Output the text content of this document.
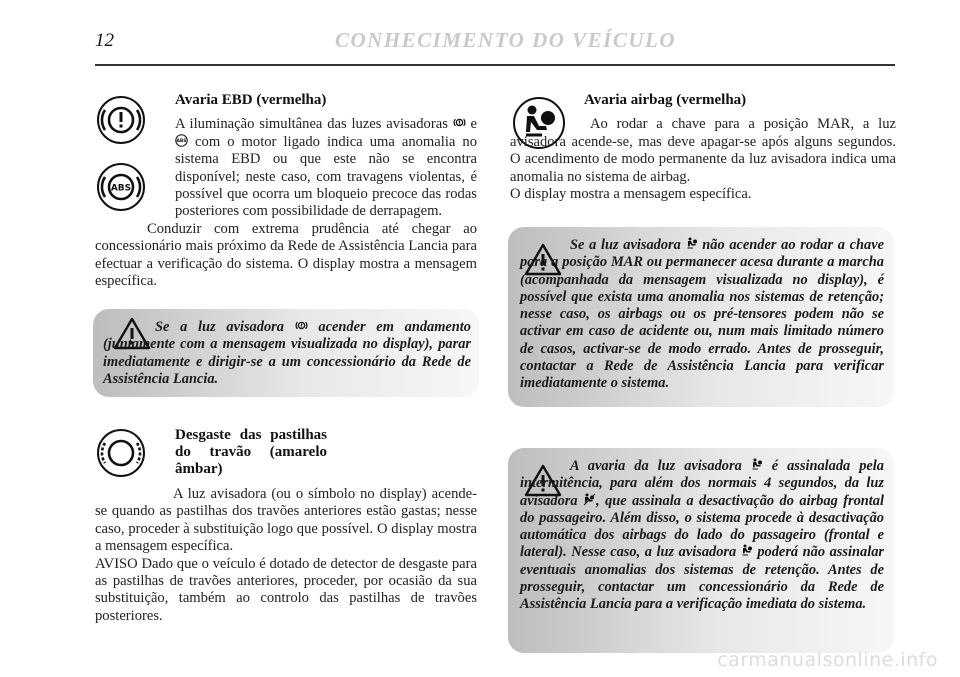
12	CONHECIMENTO DO VEÍCULO
ABS
Avaria EBD (vermelha)
A iluminação simultânea das luzes avisadoras e
ABS com o motor ligado indica uma anomalia no sistema EBD ou que este não se encontra disponível; neste caso, com travagens violentas, é possível que ocorra um bloqueio precoce das rodas posteriores com possibilidade de derrapagem.
Conduzir com extrema prudência até chegar ao concessionário mais próximo da Rede de Assistência Lancia para efectuar a verificação do sistema. O display mostra a mensagem específica.
Se a luz avisadora acender em andamento (juntamente com a mensagem visualizada no display), parar imediatamente e dirigir-se a um concessionário da Rede de Assistência Lancia.
Desgaste das pastilhas do travão (amarelo âmbar)
A luz avisadora (ou o símbolo no display) acende-se quando as pastilhas dos travões anteriores estão gastas; nesse caso, proceder à substituição logo que possível. O display mostra a mensagem específica.
AVISO Dado que o veículo é dotado de detector de desgaste para as pastilhas de travões anteriores, proceder, por ocasião da sua substituição, também ao controlo das pastilhas de travões posteriores.
Avaria airbag (vermelha)
Ao rodar a chave para a posição MAR, a luz avisadora acende-se, mas deve apagar-se após alguns segundos. O acendimento de modo permanente da luz avisadora indica uma anomalia no sistema de airbag.
O display mostra a mensagem específica.
Se a luz avisadora não acender ao rodar a chave para a posição MAR ou permanecer acesa durante a marcha (acompanhada da mensagem visualizada no display), é possível que exista uma anomalia nos sistemas de retenção; nesse caso, os airbags ou os pré-tensores podem não se activar em caso de acidente ou, num mais limitado número de casos, activar-se de modo errado. Antes de prosseguir, contactar a Rede de Assistência Lancia para verificar imediatamente o sistema.
A avaria da luz avisadora é assinalada pela intermitência, para além dos normais 4 segundos, da luz avisadora , que assinala a desactivação do airbag frontal do passageiro. Além disso, o sistema procede à desactivação automática dos airbags do lado do passageiro (frontal e lateral). Nesse caso, a luz avisadora poderá não assinalar eventuais anomalias dos sistemas de retenção. Antes de prosseguir, contactar um concessionário da Rede de Assistência Lancia para a verificação imediata do sistema.
carmanualsonline.info
